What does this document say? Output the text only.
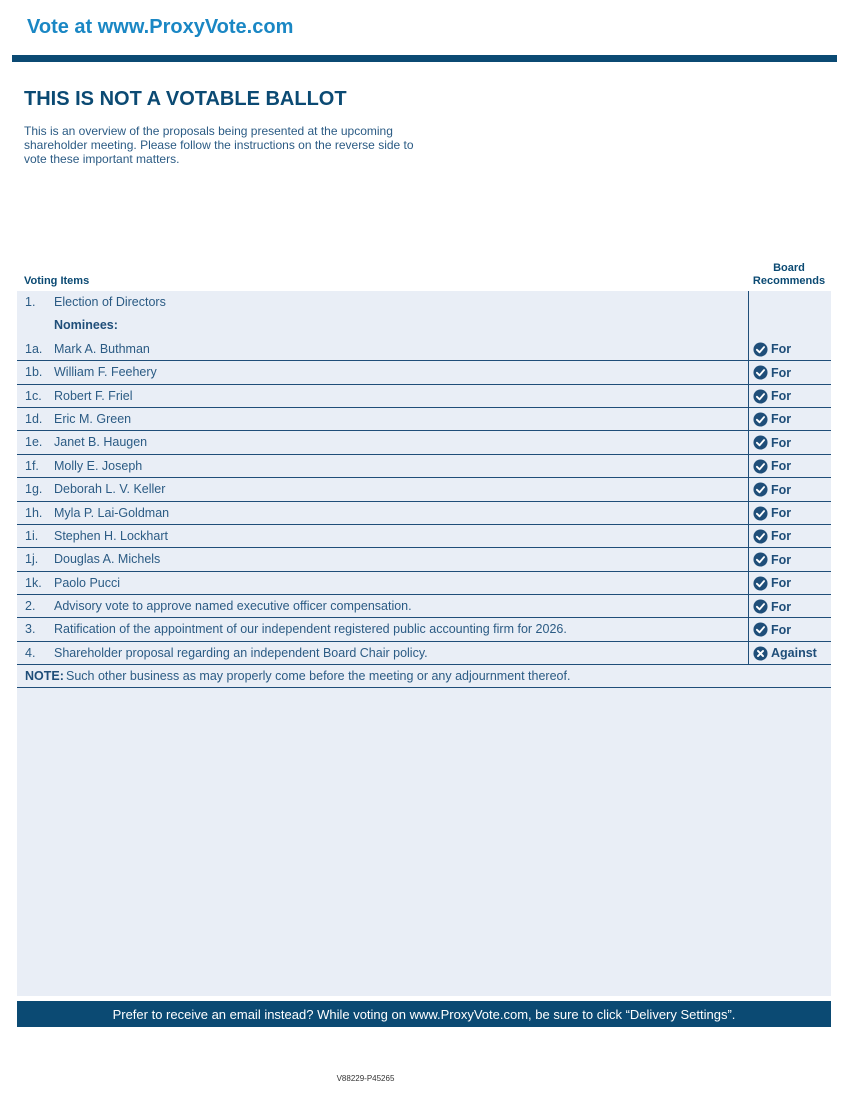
Vote at www.ProxyVote.com
THIS IS NOT A VOTABLE BALLOT
This is an overview of the proposals being presented at the upcoming shareholder meeting. Please follow the instructions on the reverse side to vote these important matters.
Voting Items
Board
Recommends
1. Election of Directors
Nominees:
1a. Mark A. Buthman	For
1b. William F. Feehery	For
1c. Robert F. Friel	For
1d. Eric M. Green	For
1e. Janet B. Haugen	For
1f. Molly E. Joseph	For
1g. Deborah L. V. Keller	For
1h. Myla P. Lai-Goldman	For
1i. Stephen H. Lockhart	For
1j. Douglas A. Michels	For
1k. Paolo Pucci	For
2. Advisory vote to approve named executive officer compensation.	For
3. Ratification of the appointment of our independent registered public accounting firm for 2026.	For
4. Shareholder proposal regarding an independent Board Chair policy.	Against
NOTE: Such other business as may properly come before the meeting or any adjournment thereof.
Prefer to receive an email instead? While voting on www.ProxyVote.com, be sure to click “Delivery Settings”.
V88229-P45265
